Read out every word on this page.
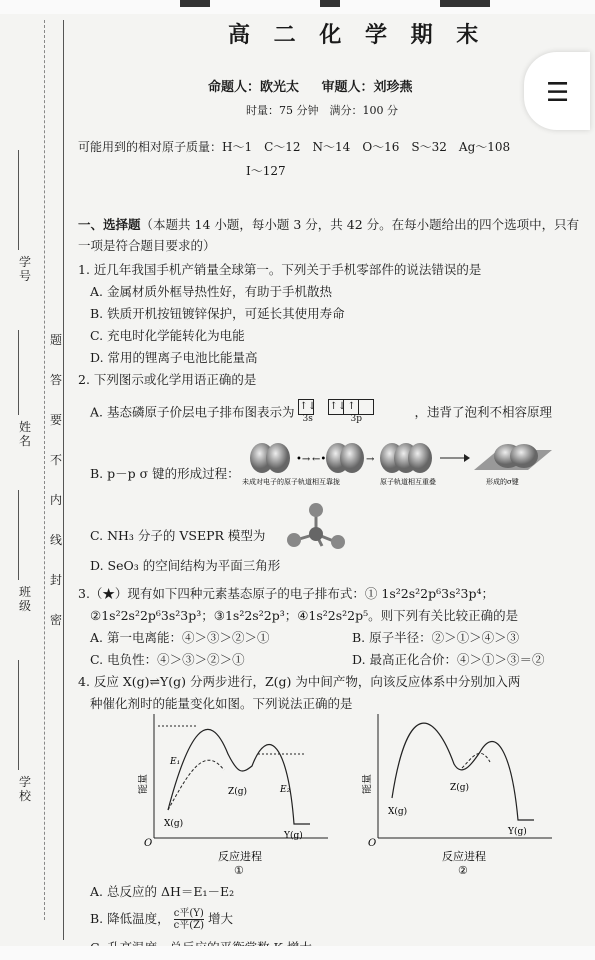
学　号
姓　名
班　级
学　校
题　答　要　不　内　线　封　密
高 二 化 学 期 末
命题人：欧光太 审题人：刘珍燕
时量：75 分钟　满分：100 分
可能用到的相对原子质量：H～1　C～12　N～14　O～16　S～32　Ag～108
I～127
一、选择题（本题共 14 小题，每小题 3 分，共 42 分。在每小题给出的四个选项中，只有一项是符合题目要求的）
1. 近几年我国手机产销量全球第一。下列关于手机零部件的说法错误的是
A. 金属材质外框导热性好，有助于手机散热
B. 铁质开机按钮镀锌保护，可延长其使用寿命
C. 充电时化学能转化为电能
D. 常用的锂离子电池比能量高
2. 下列图示或化学用语正确的是
A. 基态磷原子价层电子排布图表示为 ↑↓ ↑↓↑
3s	3p	，违背了泡利不相容原理
B. p－p σ 键的形成过程：
•→ ←•	→
未成对电子的原子轨道相互靠拢	原子轨道相互重叠	形成的σ键
C. NH₃ 分子的 VSEPR 模型为
D. SeO₃ 的空间结构为平面三角形
3.（★）现有如下四种元素基态原子的电子排布式：① 1s²2s²2p⁶3s²3p⁴；
②1s²2s²2p⁶3s²3p³；③1s²2s²2p³；④1s²2s²2p⁵。则下列有关比较正确的是
A. 第一电离能：④＞③＞②＞①	B. 原子半径：②＞①＞④＞③
C. 电负性：④＞③＞②＞①	D. 最高正化合价：④＞①＞③＝②
4. 反应 X(g)⇌Y(g) 分两步进行，Z(g) 为中间产物，向该反应体系中分别加入两
种催化剂时的能量变化如图。下列说法正确的是
能量
O
X(g)
Z(g)
Y(g)
E₁
E₂
反应进程
①
能量
O
X(g)
Z(g)
Y(g)
反应进程
②
A. 总反应的 ΔH＝E₁－E₂
B. 降低温度， c平(Y)
c平(Z) 增大
☰
